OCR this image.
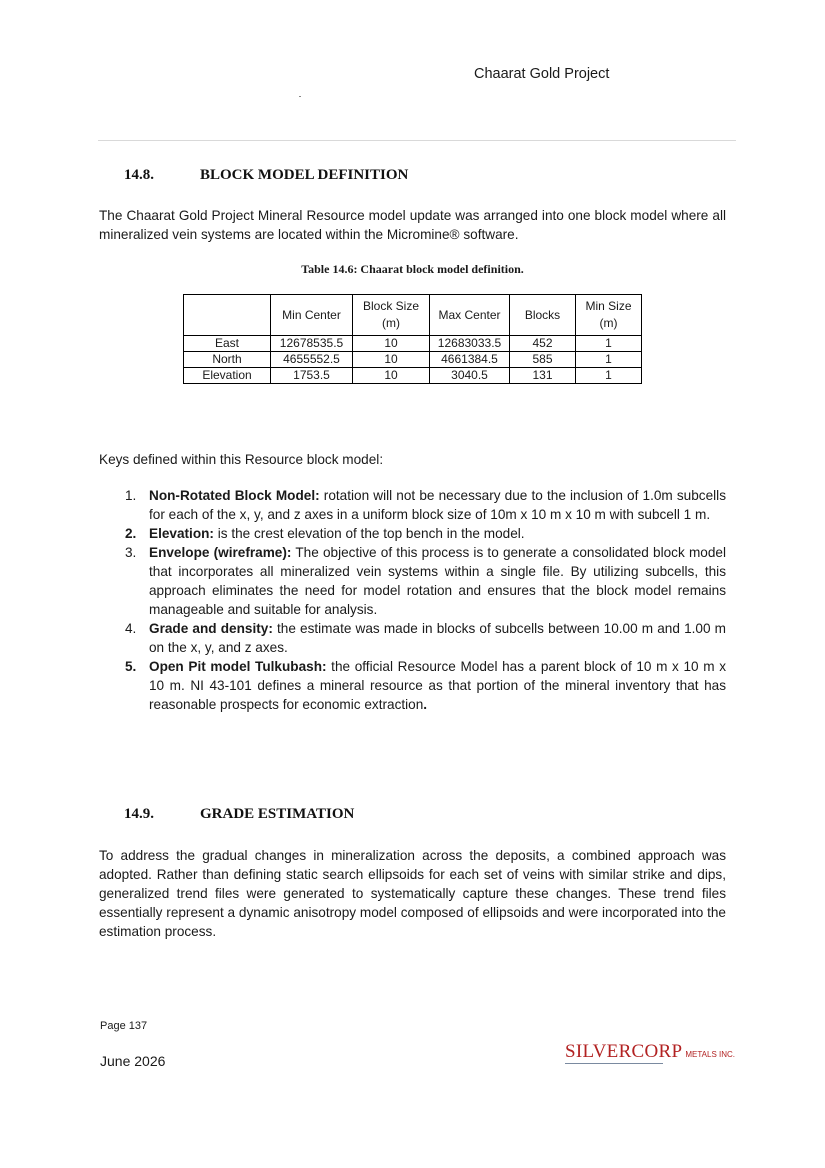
Chaarat Gold Project
14.8.	BLOCK MODEL DEFINITION
The Chaarat Gold Project Mineral Resource model update was arranged into one block model where all mineralized vein systems are located within the Micromine® software.
Table 14.6: Chaarat block model definition.
	Min Center	Block Size (m)	Max Center	Blocks	Min Size (m)
East	12678535.5	10	12683033.5	452	1
North	4655552.5	10	4661384.5	585	1
Elevation	1753.5	10	3040.5	131	1
Keys defined within this Resource block model:
1. Non-Rotated Block Model: rotation will not be necessary due to the inclusion of 1.0m subcells for each of the x, y, and z axes in a uniform block size of 10m x 10 m x 10 m with subcell 1 m.
2. Elevation: is the crest elevation of the top bench in the model.
3. Envelope (wireframe): The objective of this process is to generate a consolidated block model that incorporates all mineralized vein systems within a single file. By utilizing subcells, this approach eliminates the need for model rotation and ensures that the block model remains manageable and suitable for analysis.
4. Grade and density: the estimate was made in blocks of subcells between 10.00 m and 1.00 m on the x, y, and z axes.
5. Open Pit model Tulkubash: the official Resource Model has a parent block of 10 m x 10 m x 10 m. NI 43-101 defines a mineral resource as that portion of the mineral inventory that has reasonable prospects for economic extraction.
14.9.	GRADE ESTIMATION
To address the gradual changes in mineralization across the deposits, a combined approach was adopted. Rather than defining static search ellipsoids for each set of veins with similar strike and dips, generalized trend files were generated to systematically capture these changes. These trend files essentially represent a dynamic anisotropy model composed of ellipsoids and were incorporated into the estimation process.
Page 137
June 2026	SILVERCORP METALS INC.
